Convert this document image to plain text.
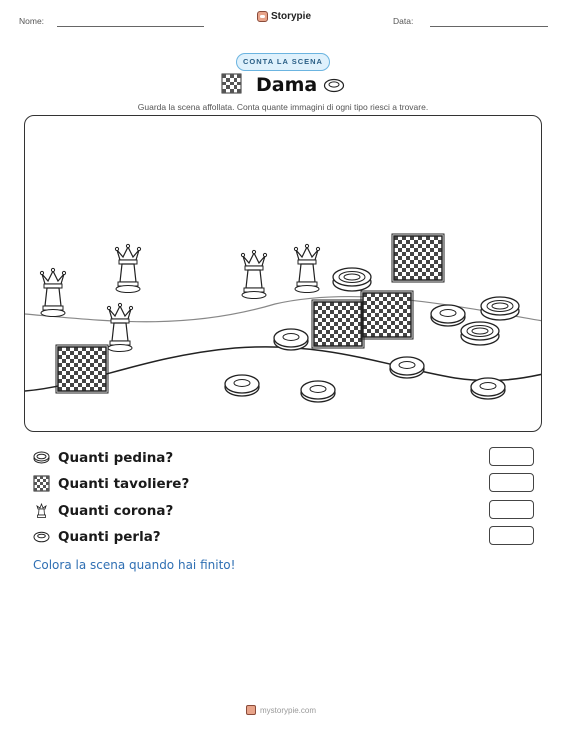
Nome:	Storypie	Data:
CONTA LA SCENA
Dama
Guarda la scena affollata. Conta quante immagini di ogni tipo riesci a trovare.
Quanti pedina?
Quanti tavoliere?
Quanti corona?
Quanti perla?
Colora la scena quando hai finito!
mystorypie.com
